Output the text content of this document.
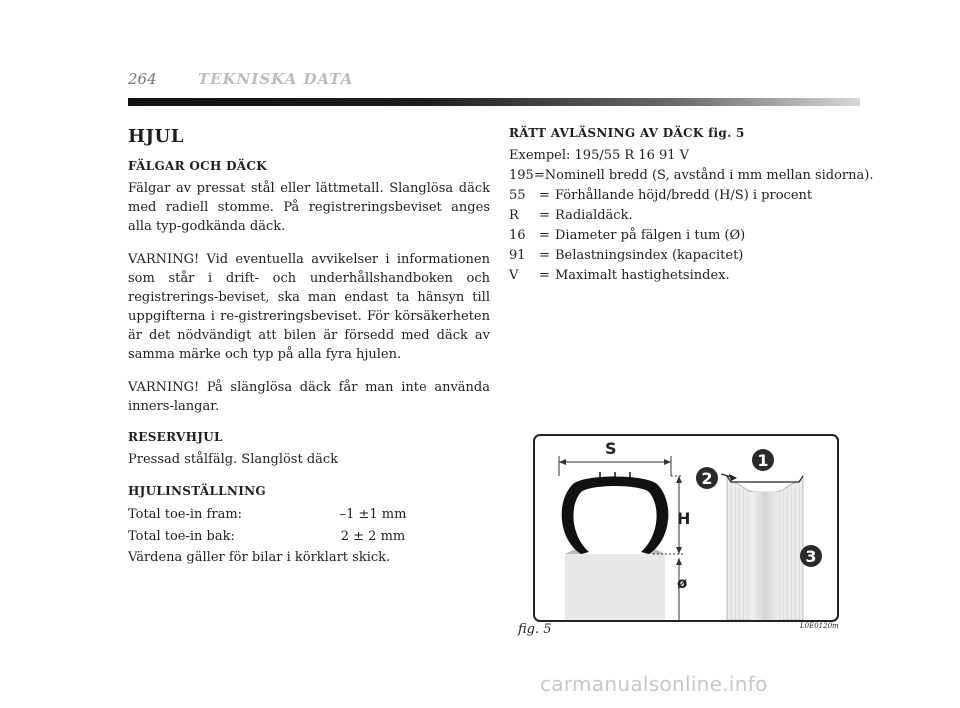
264	TEKNISKA DATA
HJUL
FÄLGAR OCH DÄCK

Fälgar av pressat stål eller lättmetall. Slanglösa däck med radiell stomme. På registreringsbeviset anges alla typ-godkända däck.

VARNING! Vid eventuella avvikelser i informationen som står i drift- och underhållshandboken och registrerings-beviset, ska man endast ta hänsyn till uppgifterna i re-gistreringsbeviset. För körsäkerheten är det nödvändigt att bilen är försedd med däck av samma märke och typ på alla fyra hjulen.

VARNING! På slänglösa däck får man inte använda inners-langar.

RESERVHJUL
Pressad stålfälg. Slanglöst däck
HJULINSTÄLLNING
Total toe-in fram:	–1 ±1 mm
Total toe-in bak:	2 ± 2 mm
Värdena gäller för bilar i körklart skick.
RÄTT AVLÄSNING AV DÄCK fig. 5
Exempel: 195/55 R 16 91 V
195 = Nominell bredd (S, avstånd i mm mellan sidorna).
55	= Förhållande höjd/bredd (H/S) i procent
R	= Radialdäck.
16	= Diameter på fälgen i tum (Ø)
91	= Belastningsindex (kapacitet)
V	= Maximalt hastighetsindex.
S
H
ø
2
1
3
fig. 5	L0E0120m
carmanualsonline.info
